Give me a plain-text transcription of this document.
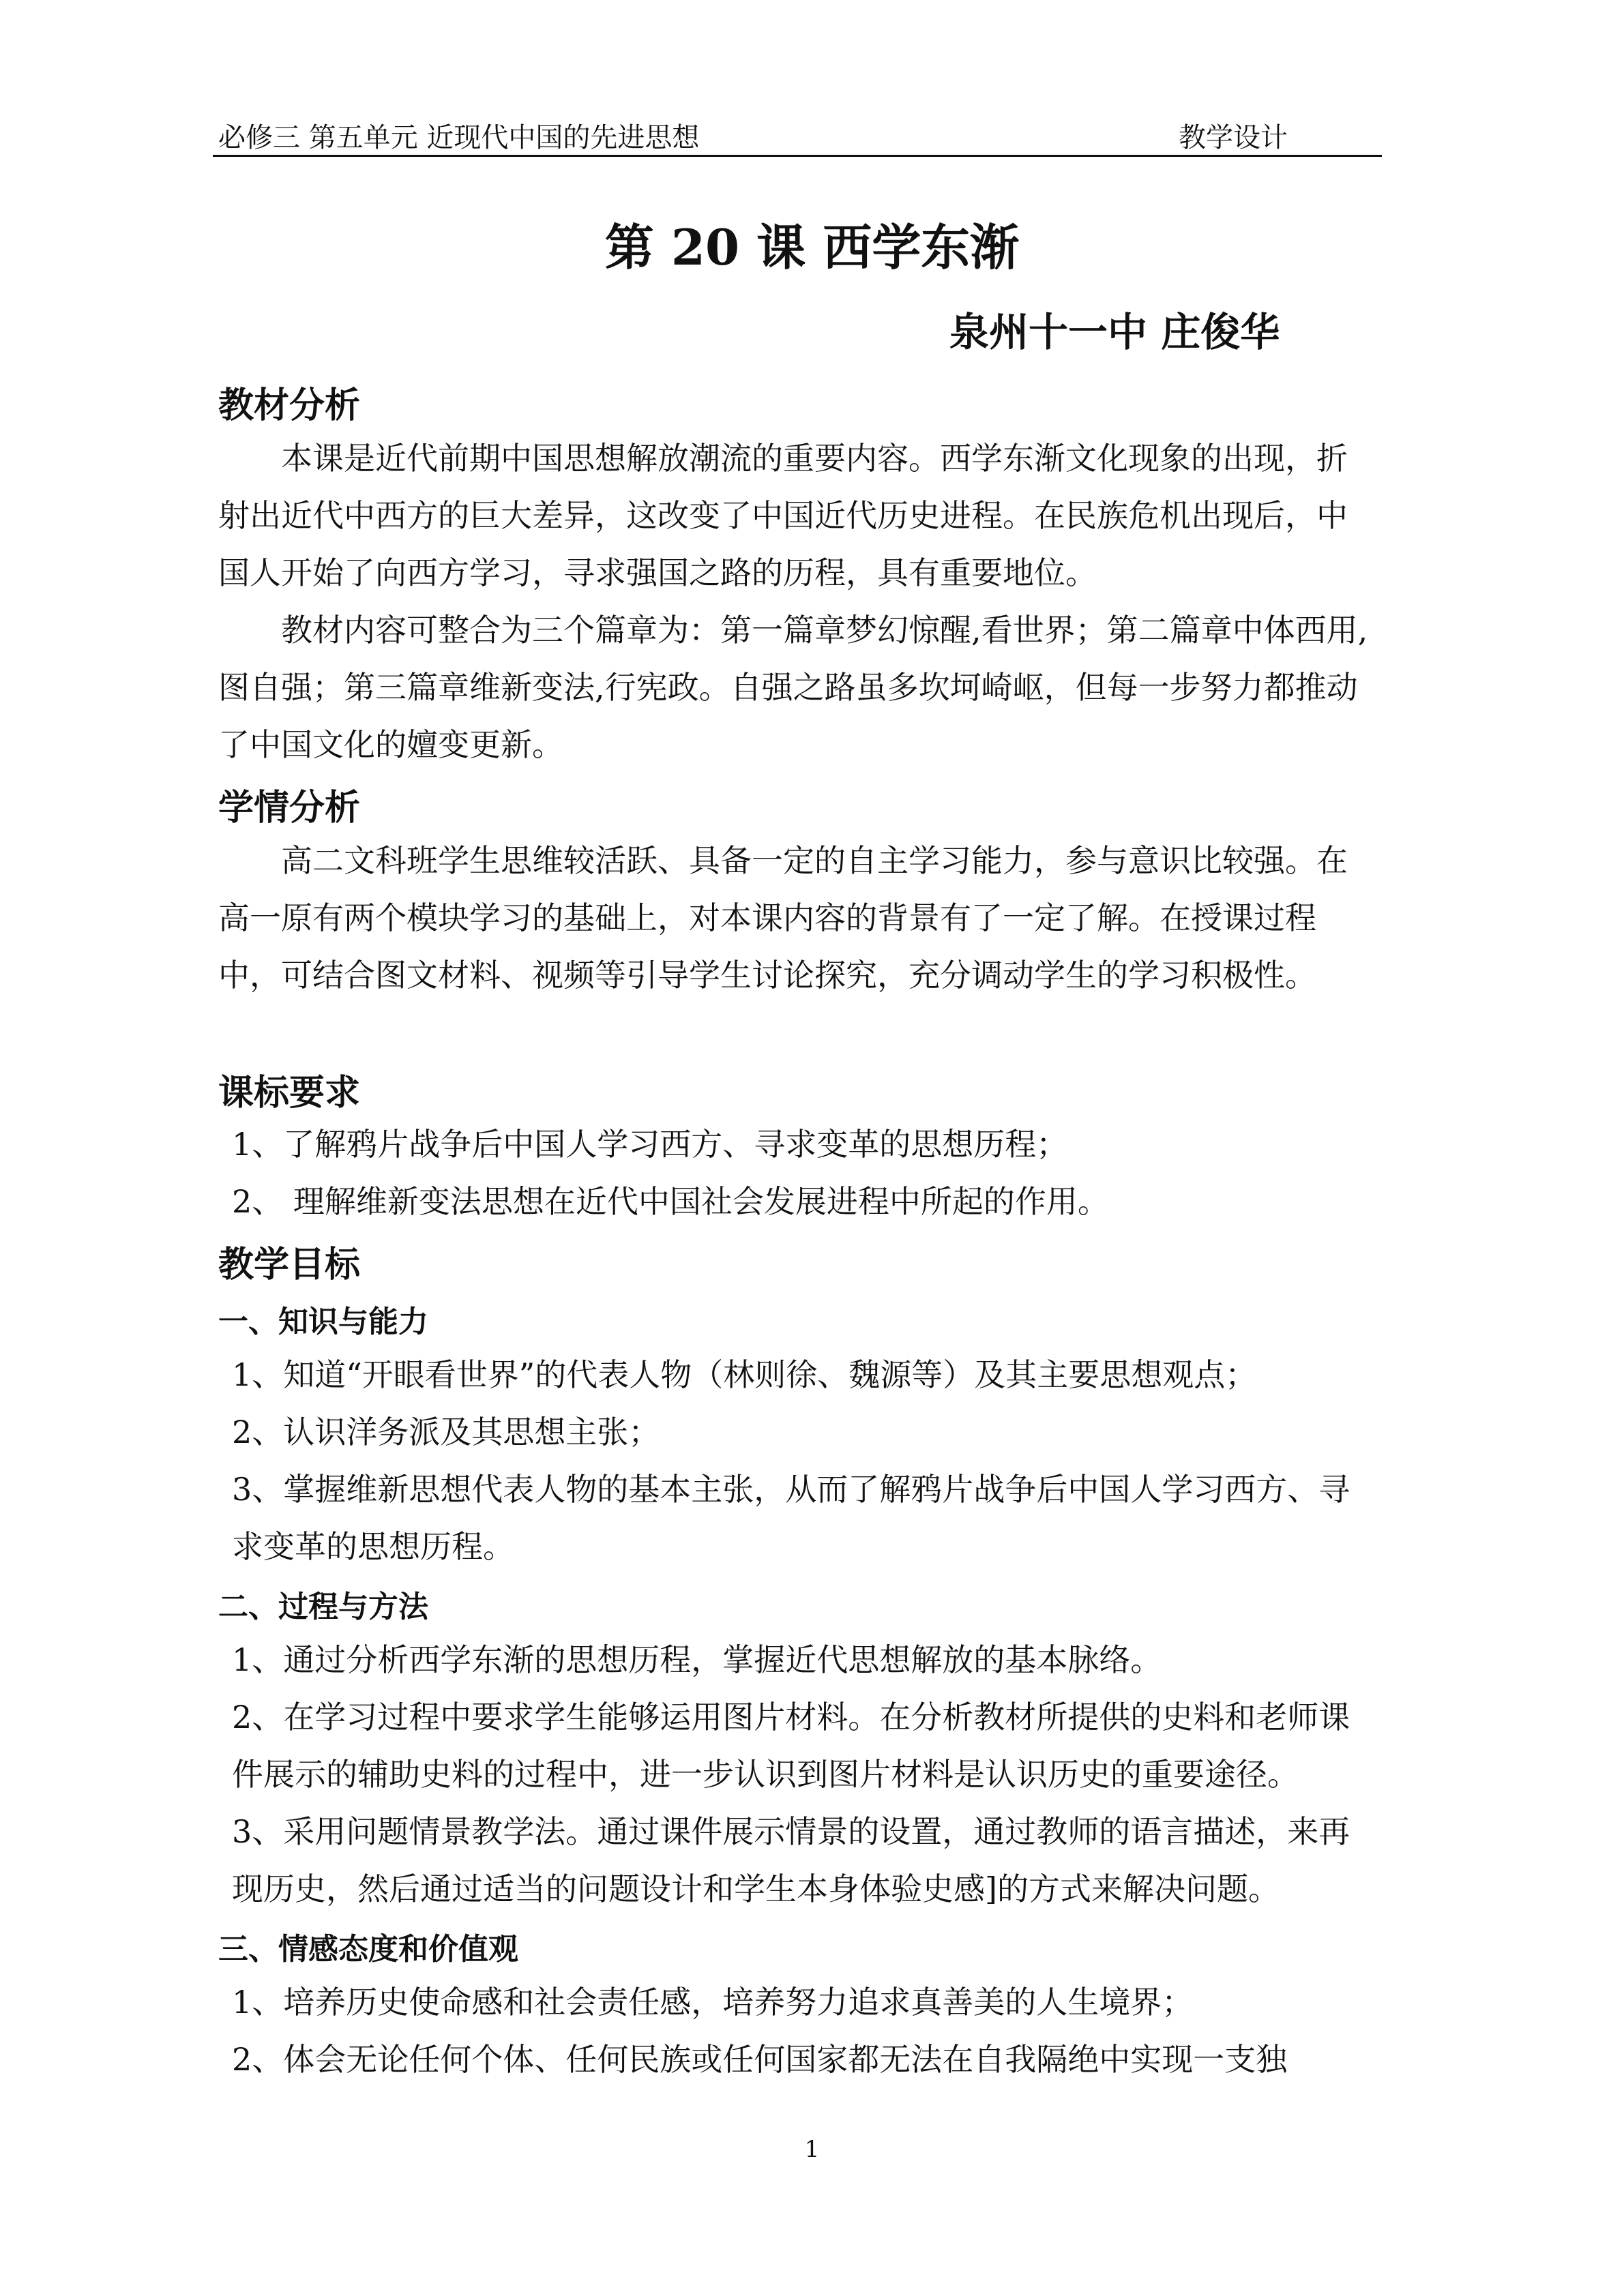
必修三 第五单元 近现代中国的先进思想	教学设计
第 20 课 西学东渐
泉州十一中 庄俊华
教材分析

本课是近代前期中国思想解放潮流的重要内容。西学东渐文化现象的出现，折射出近代中西方的巨大差异，这改变了中国近代历史进程。在民族危机出现后，中国人开始了向西方学习，寻求强国之路的历程，具有重要地位。

教材内容可整合为三个篇章为：第一篇章梦幻惊醒,看世界；第二篇章中体西用,图自强；第三篇章维新变法,行宪政。自强之路虽多坎坷崎岖，但每一步努力都推动了中国文化的嬗变更新。

学情分析

高二文科班学生思维较活跃、具备一定的自主学习能力，参与意识比较强。在高一原有两个模块学习的基础上，对本课内容的背景有了一定了解。在授课过程中，可结合图文材料、视频等引导学生讨论探究，充分调动学生的学习积极性。

课标要求

1、了解鸦片战争后中国人学习西方、寻求变革的思想历程；

2、 理解维新变法思想在近代中国社会发展进程中所起的作用。

教学目标
一、知识与能力

1、知道“开眼看世界”的代表人物（林则徐、魏源等）及其主要思想观点；

2、认识洋务派及其思想主张；

3、掌握维新思想代表人物的基本主张，从而了解鸦片战争后中国人学习西方、寻求变革的思想历程。

二、过程与方法

1、通过分析西学东渐的思想历程，掌握近代思想解放的基本脉络。

2、在学习过程中要求学生能够运用图片材料。在分析教材所提供的史料和老师课件展示的辅助史料的过程中，进一步认识到图片材料是认识历史的重要途径。

3、采用问题情景教学法。通过课件展示情景的设置，通过教师的语言描述，来再现历史，然后通过适当的问题设计和学生本身体验史感]的方式来解决问题。

三、情感态度和价值观

1、培养历史使命感和社会责任感，培养努力追求真善美的人生境界；

2、体会无论任何个体、任何民族或任何国家都无法在自我隔绝中实现一支独

1
